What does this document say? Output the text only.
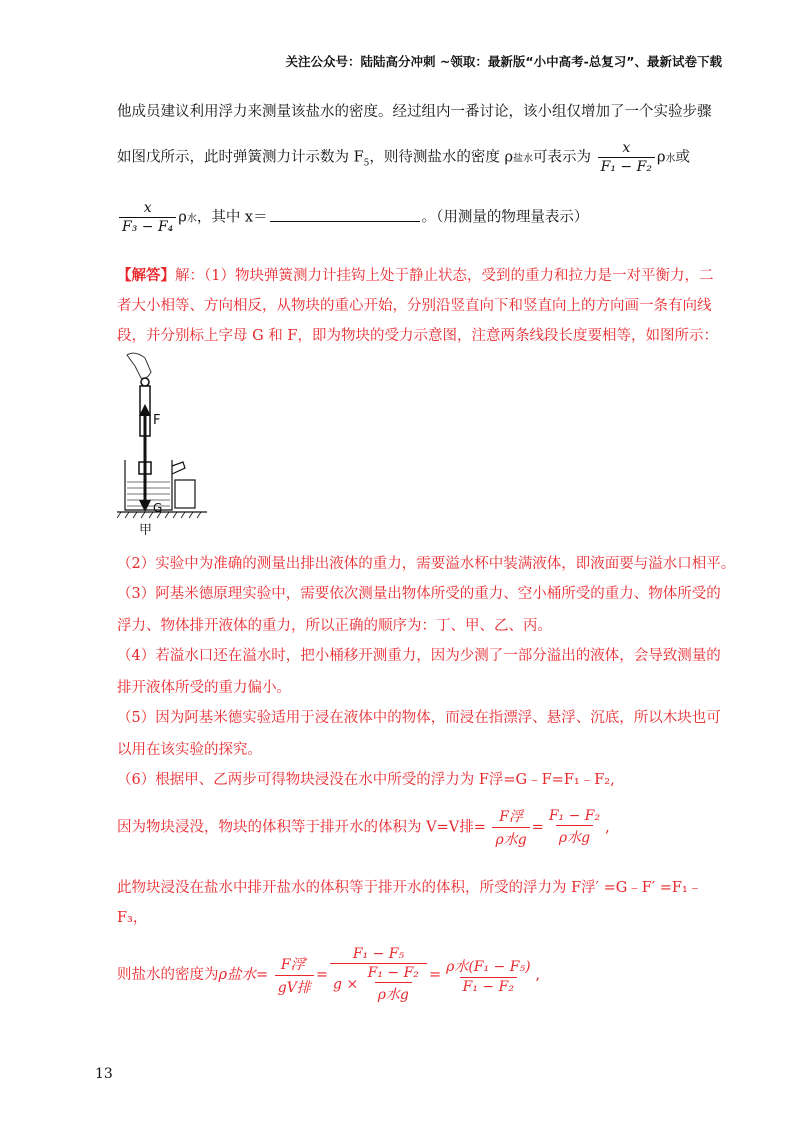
关注公众号：陆陆高分冲刺 ~领取：最新版“小中高考-总复习”、最新试卷下载
他成员建议利用浮力来测量该盐水的密度。经过组内一番讨论，该小组仅增加了一个实验步骤
如图戊所示，此时弹簧测力计示数为 $F_5$，则待测盐水的密度 ρ盐水可表示为 $\frac{x}{\text{F₁ − F₂}}$ ρ水或
$\frac{x}{\text{F₃ − F₄}}$ ρ水，其中 x＝	。（用测量的物理量表示）
【解答】解：（1）物块弹簧测力计挂钩上处于静止状态，受到的重力和拉力是一对平衡力，二
者大小相等、方向相反，从物块的重心开始，分别沿竖直向下和竖直向上的方向画一条有向线
段，并分别标上字母 G 和 F，即为物块的受力示意图，注意两条线段长度要相等，如图所示：
F
G
甲
（2）实验中为准确的测量出排出液体的重力，需要溢水杯中装满液体，即液面要与溢水口相平。
（3）阿基米德原理实验中，需要依次测量出物体所受的重力、空小桶所受的重力、物体所受的
浮力、物体排开液体的重力，所以正确的顺序为：丁、甲、乙、丙。
（4）若溢水口还在溢水时，把小桶移开测重力，因为少测了一部分溢出的液体，会导致测量的
排开液体所受的重力偏小。
（5）因为阿基米德实验适用于浸在液体中的物体，而浸在指漂浮、悬浮、沉底，所以木块也可
以用在该实验的探究。
（6）根据甲、乙两步可得物块浸没在水中所受的浮力为 F浮=G﹣F=F₁﹣F₂,
因为物块浸没，物块的体积等于排开水的体积为 V=V排= $\frac{\text{F浮}}{\text{ρ水g}} = \frac{\text{F₁ − F₂}}{\text{ρ水g}}$ ,
此物块浸没在盐水中排开盐水的体积等于排开水的体积，所受的浮力为 F浮′ =G﹣F′ =F₁﹣
F₃，
则盐水的密度为ρ盐水= $\frac{\text{F浮′}}{\text{gV排}} = \frac{\text{F₁ − F₅}}{g \times \frac{\text{F₁ − F₂}}{\text{ρ水g}}} = \frac{\text{ρ水(F₁ − F₅)}}{\text{F₁ − F₂}}$ ,
13
